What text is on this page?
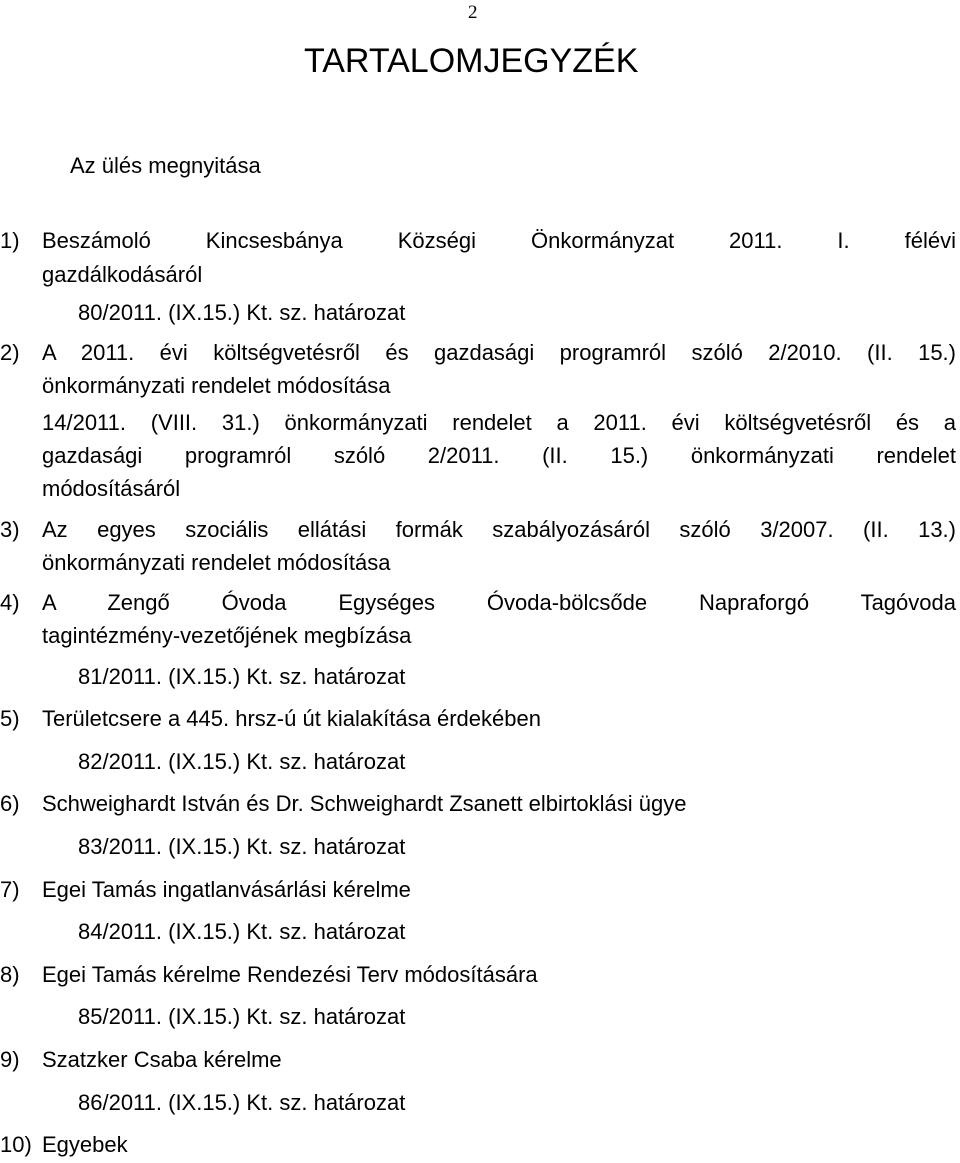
2
TARTALOMJEGYZÉK
Az ülés megnyitása
1) Beszámoló Kincsesbánya Községi Önkormányzat 2011. I. félévi
gazdálkodásáról
80/2011. (IX.15.) Kt. sz. határozat
2) A 2011. évi költségvetésről és gazdasági programról szóló 2/2010. (II. 15.)
önkormányzati rendelet módosítása
14/2011. (VIII. 31.) önkormányzati rendelet a 2011. évi költségvetésről és a
gazdasági programról szóló 2/2011. (II. 15.) önkormányzati rendelet
módosításáról
3) Az egyes szociális ellátási formák szabályozásáról szóló 3/2007. (II. 13.)
önkormányzati rendelet módosítása
4) A Zengő Óvoda Egységes Óvoda-bölcsőde Napraforgó Tagóvoda
tagintézmény-vezetőjének megbízása
81/2011. (IX.15.) Kt. sz. határozat
5) Területcsere a 445. hrsz-ú út kialakítása érdekében
82/2011. (IX.15.) Kt. sz. határozat
6) Schweighardt István és Dr. Schweighardt Zsanett elbirtoklási ügye
83/2011. (IX.15.) Kt. sz. határozat
7) Egei Tamás ingatlanvásárlási kérelme
84/2011. (IX.15.) Kt. sz. határozat
8) Egei Tamás kérelme Rendezési Terv módosítására
85/2011. (IX.15.) Kt. sz. határozat
9) Szatzker Csaba kérelme
86/2011. (IX.15.) Kt. sz. határozat
10) Egyebek
